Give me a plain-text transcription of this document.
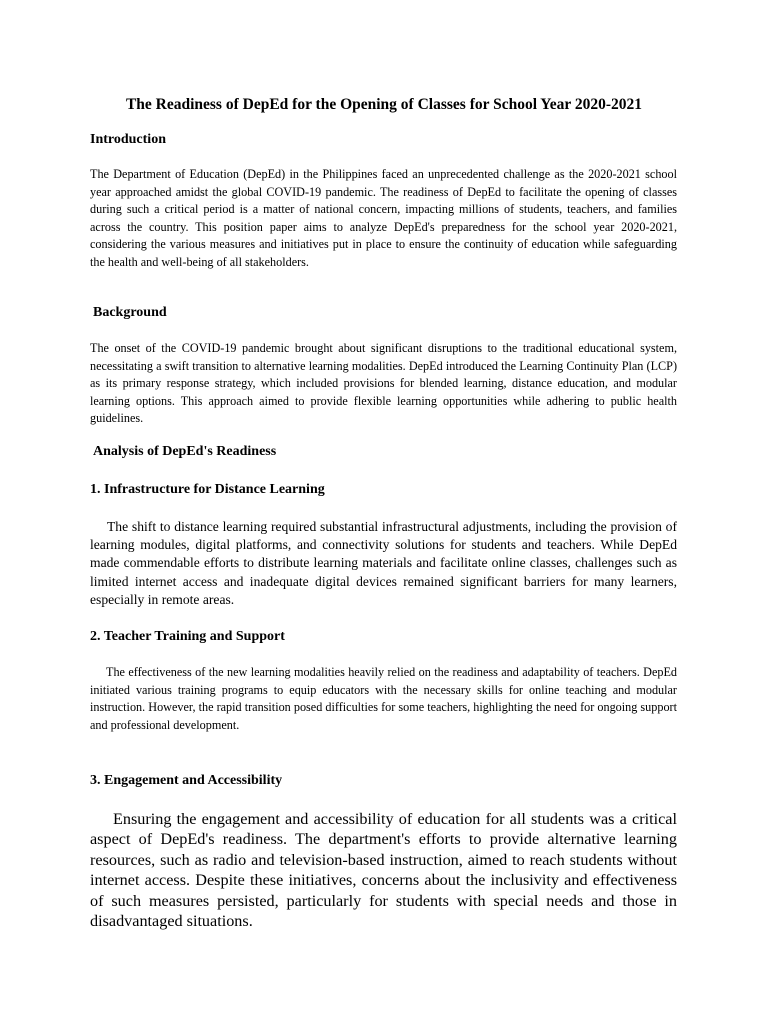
The Readiness of DepEd for the Opening of Classes for School Year 2020-2021
Introduction

The Department of Education (DepEd) in the Philippines faced an unprecedented challenge as the 2020-2021 school year approached amidst the global COVID-19 pandemic. The readiness of DepEd to facilitate the opening of classes during such a critical period is a matter of national concern, impacting millions of students, teachers, and families across the country. This position paper aims to analyze DepEd's preparedness for the school year 2020-2021, considering the various measures and initiatives put in place to ensure the continuity of education while safeguarding the health and well-being of all stakeholders.

Background

The onset of the COVID-19 pandemic brought about significant disruptions to the traditional educational system, necessitating a swift transition to alternative learning modalities. DepEd introduced the Learning Continuity Plan (LCP) as its primary response strategy, which included provisions for blended learning, distance education, and modular learning options. This approach aimed to provide flexible learning opportunities while adhering to public health guidelines.

Analysis of DepEd's Readiness
1. Infrastructure for Distance Learning

The shift to distance learning required substantial infrastructural adjustments, including the provision of learning modules, digital platforms, and connectivity solutions for students and teachers. While DepEd made commendable efforts to distribute learning materials and facilitate online classes, challenges such as limited internet access and inadequate digital devices remained significant barriers for many learners, especially in remote areas.

2. Teacher Training and Support

The effectiveness of the new learning modalities heavily relied on the readiness and adaptability of teachers. DepEd initiated various training programs to equip educators with the necessary skills for online teaching and modular instruction. However, the rapid transition posed difficulties for some teachers, highlighting the need for ongoing support and professional development.

3. Engagement and Accessibility

Ensuring the engagement and accessibility of education for all students was a critical aspect of DepEd's readiness. The department's efforts to provide alternative learning resources, such as radio and television-based instruction, aimed to reach students without internet access. Despite these initiatives, concerns about the inclusivity and effectiveness of such measures persisted, particularly for students with special needs and those in disadvantaged situations.
